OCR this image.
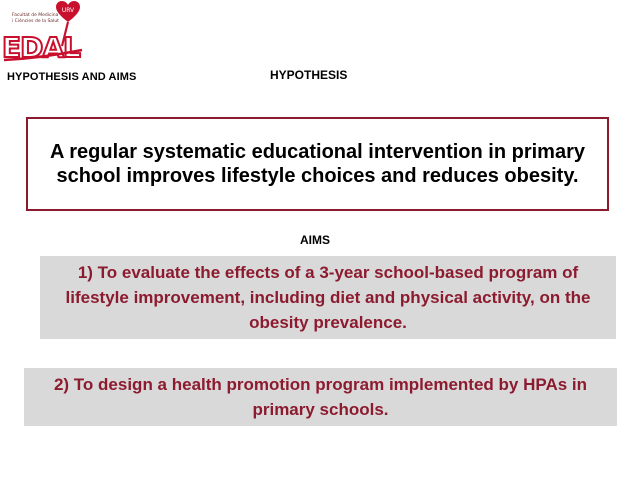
URV
EDAL
Facultat de Medicina
i Ciències de la Salut
HYPOTHESIS AND AIMS	HYPOTHESIS
A regular systematic educational intervention in primary school improves lifestyle choices and reduces obesity.
AIMS
1) To evaluate the effects of a 3-year school-based program of lifestyle improvement, including diet and physical activity, on the obesity prevalence.
2) To design a health promotion program implemented by HPAs in primary schools.
